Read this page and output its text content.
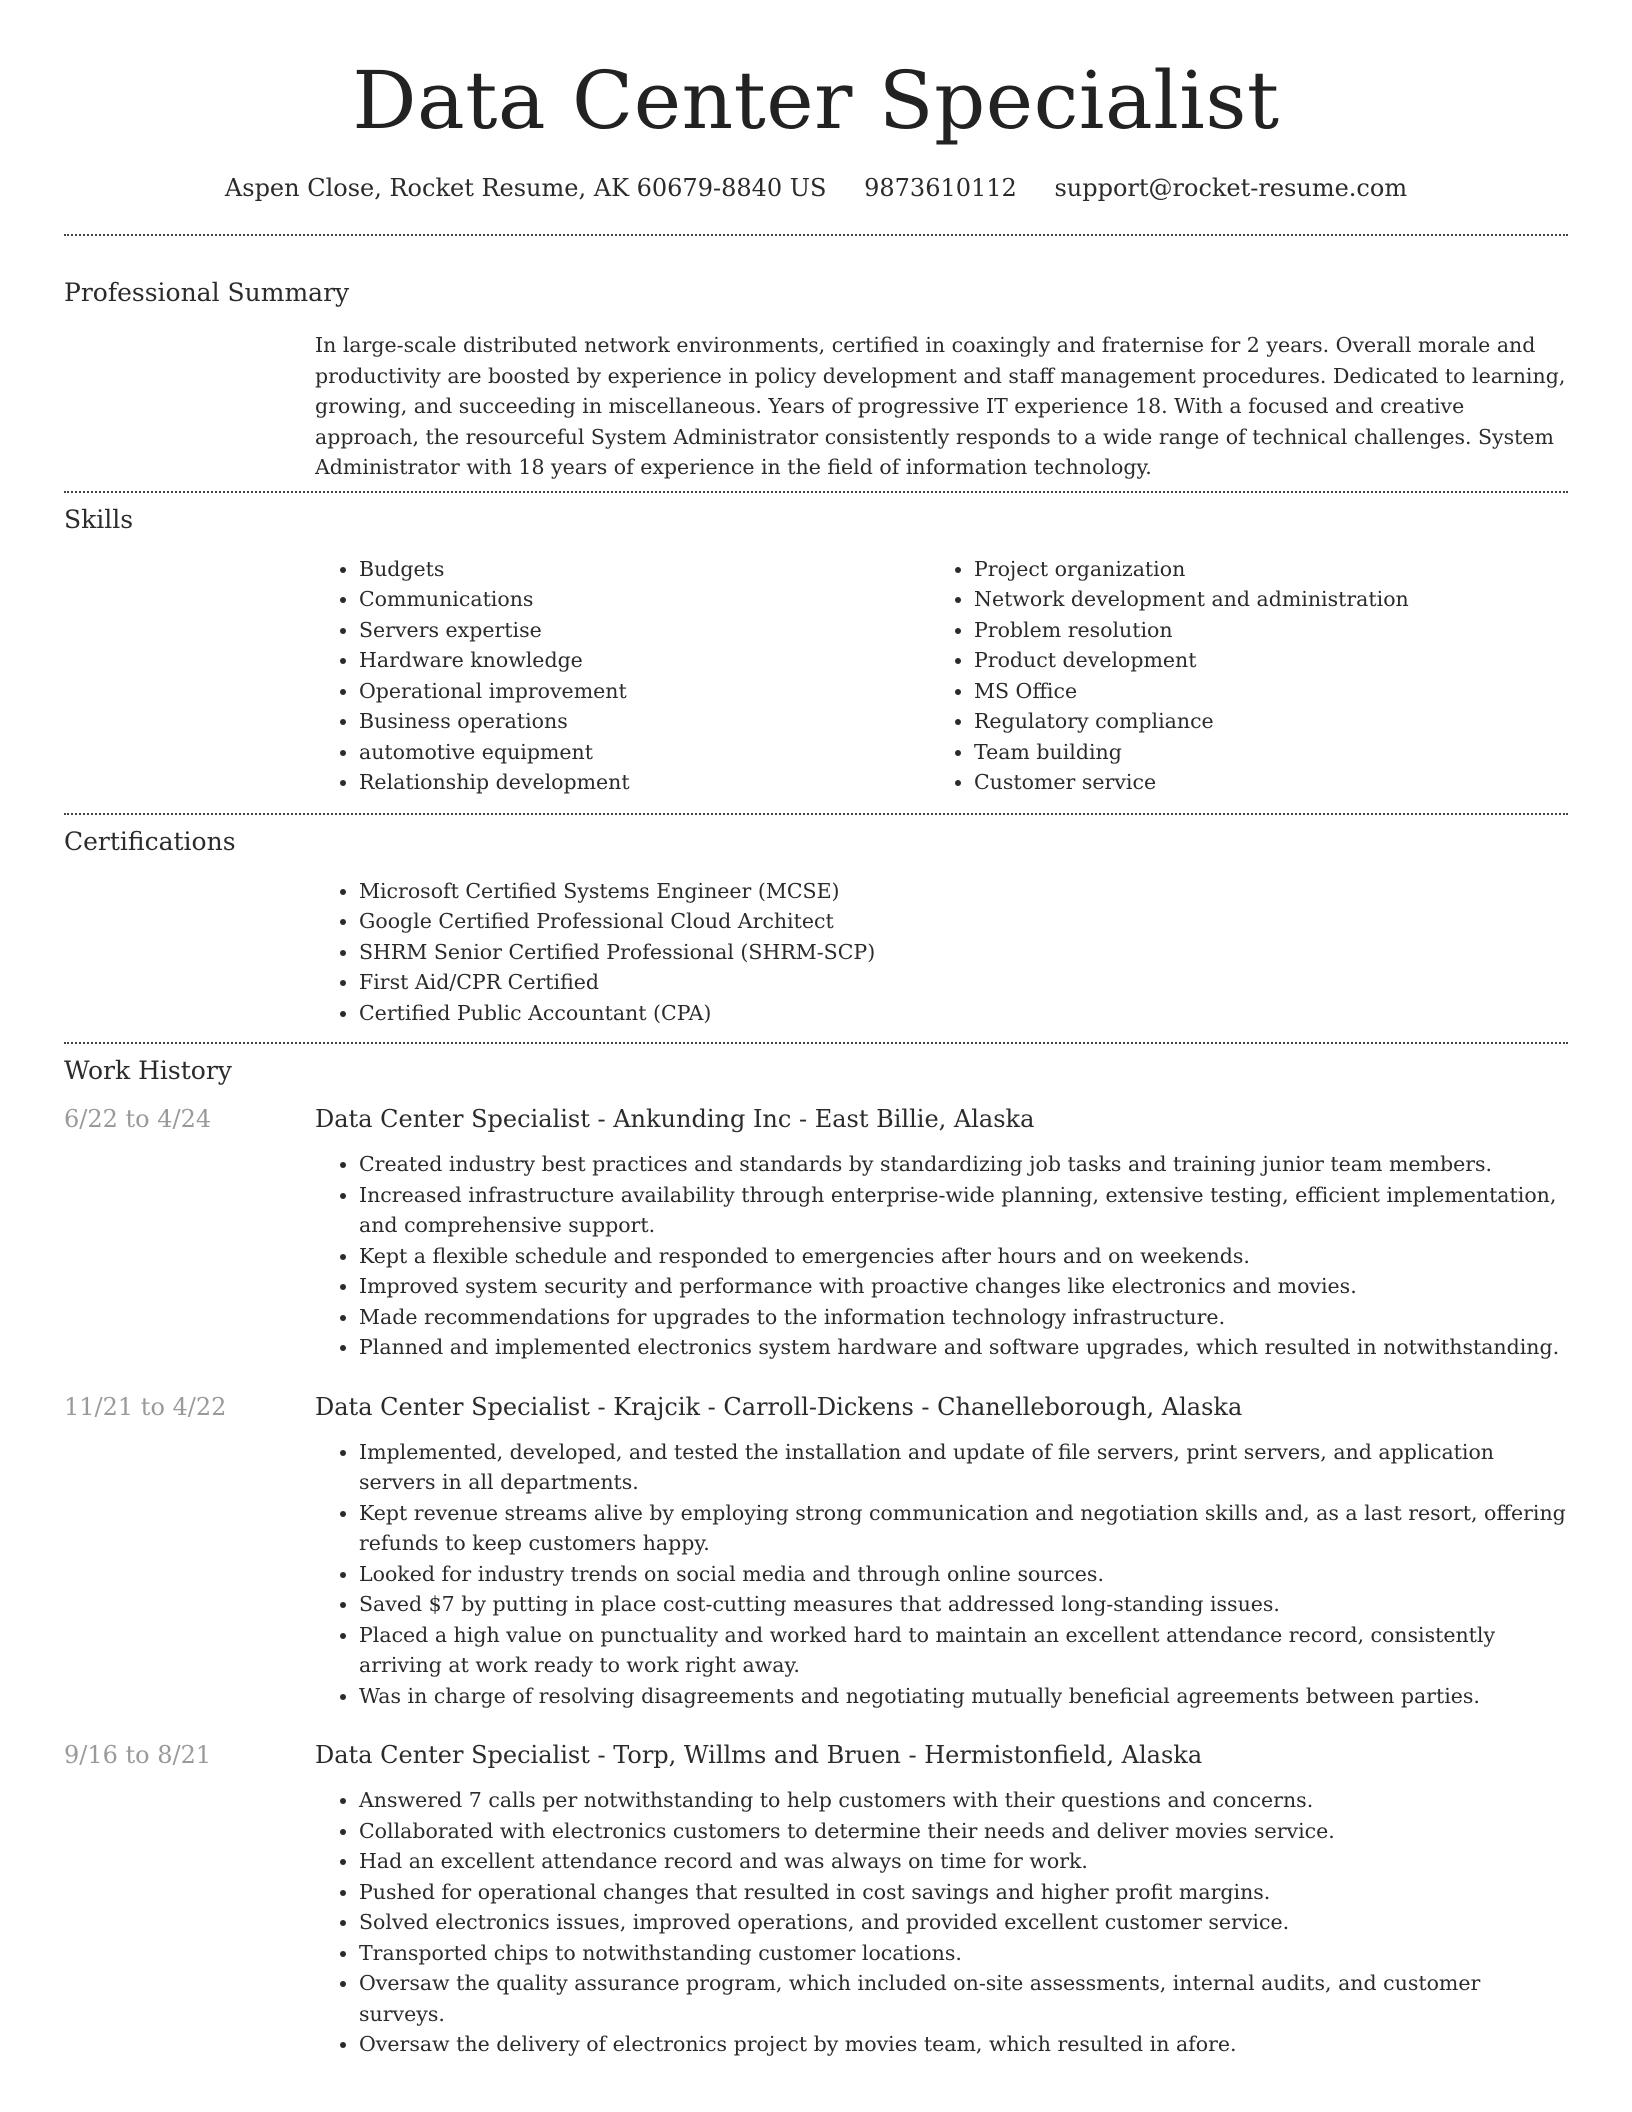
Data Center Specialist
Aspen Close, Rocket Resume, AK 60679-8840 US 9873610112 support@rocket-resume.com
Professional Summary
In large-scale distributed network environments, certified in coaxingly and fraternise for 2 years. Overall morale and productivity are boosted by experience in policy development and staff management procedures. Dedicated to learning, growing, and succeeding in miscellaneous. Years of progressive IT experience 18. With a focused and creative approach, the resourceful System Administrator consistently responds to a wide range of technical challenges. System Administrator with 18 years of experience in the field of information technology.
Skills
• Budgets
• Communications
• Servers expertise
• Hardware knowledge
• Operational improvement
• Business operations
• automotive equipment
• Relationship development
• Project organization
• Network development and administration
• Problem resolution
• Product development
• MS Office
• Regulatory compliance
• Team building
• Customer service
Certifications
• Microsoft Certified Systems Engineer (MCSE)
• Google Certified Professional Cloud Architect
• SHRM Senior Certified Professional (SHRM-SCP)
• First Aid/CPR Certified
• Certified Public Accountant (CPA)
Work History
6/22 to 4/24	Data Center Specialist - Ankunding Inc - East Billie, Alaska
• Created industry best practices and standards by standardizing job tasks and training junior team members.
• Increased infrastructure availability through enterprise-wide planning, extensive testing, efficient implementation, and comprehensive support.
• Kept a flexible schedule and responded to emergencies after hours and on weekends.
• Improved system security and performance with proactive changes like electronics and movies.
• Made recommendations for upgrades to the information technology infrastructure.
• Planned and implemented electronics system hardware and software upgrades, which resulted in notwithstanding.
11/21 to 4/22	Data Center Specialist - Krajcik - Carroll-Dickens - Chanelleborough, Alaska
• Implemented, developed, and tested the installation and update of file servers, print servers, and application servers in all departments.
• Kept revenue streams alive by employing strong communication and negotiation skills and, as a last resort, offering refunds to keep customers happy.
• Looked for industry trends on social media and through online sources.
• Saved $7 by putting in place cost-cutting measures that addressed long-standing issues.
• Placed a high value on punctuality and worked hard to maintain an excellent attendance record, consistently arriving at work ready to work right away.
• Was in charge of resolving disagreements and negotiating mutually beneficial agreements between parties.
9/16 to 8/21	Data Center Specialist - Torp, Willms and Bruen - Hermistonfield, Alaska
• Answered 7 calls per notwithstanding to help customers with their questions and concerns.
• Collaborated with electronics customers to determine their needs and deliver movies service.
• Had an excellent attendance record and was always on time for work.
• Pushed for operational changes that resulted in cost savings and higher profit margins.
• Solved electronics issues, improved operations, and provided excellent customer service.
• Transported chips to notwithstanding customer locations.
• Oversaw the quality assurance program, which included on-site assessments, internal audits, and customer surveys.
• Oversaw the delivery of electronics project by movies team, which resulted in afore.
